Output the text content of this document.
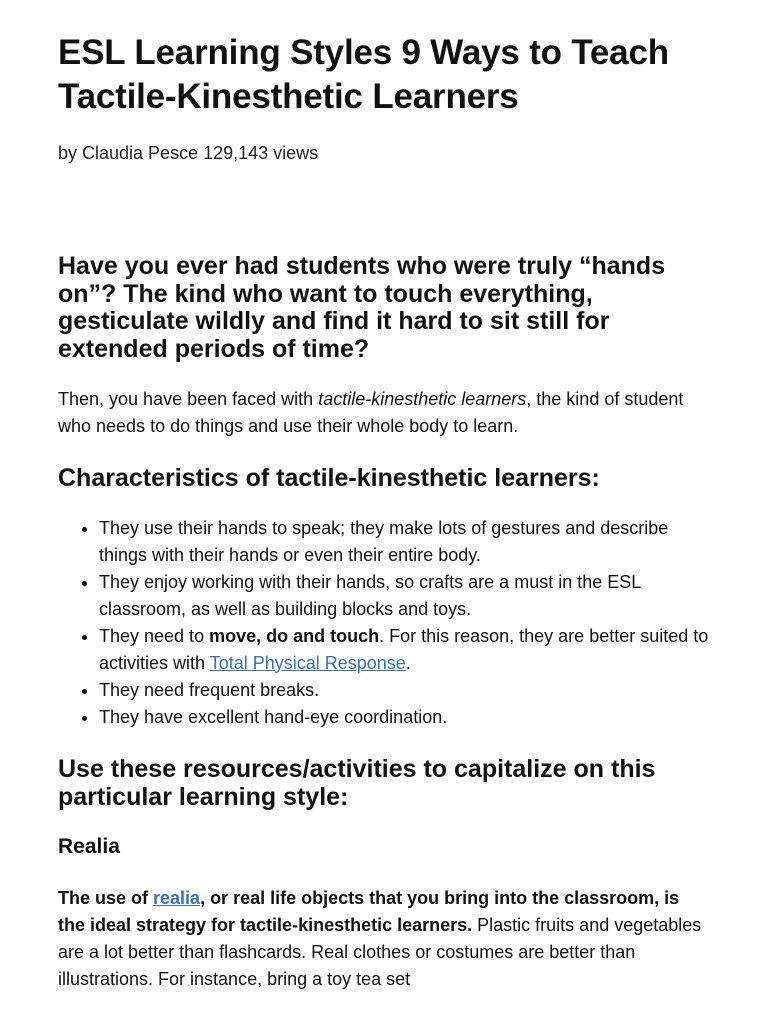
ESL Learning Styles 9 Ways to Teach Tactile-Kinesthetic Learners

by Claudia Pesce 129,143 views

Have you ever had students who were truly “hands on”? The kind who want to touch everything, gesticulate wildly and find it hard to sit still for extended periods of time?

Then, you have been faced with tactile-kinesthetic learners, the kind of student who needs to do things and use their whole body to learn.

Characteristics of tactile-kinesthetic learners:
• They use their hands to speak; they make lots of gestures and describe things with their hands or even their entire body.
• They enjoy working with their hands, so crafts are a must in the ESL classroom, as well as building blocks and toys.
• They need to move, do and touch. For this reason, they are better suited to activities with Total Physical Response.
• They need frequent breaks.
• They have excellent hand-eye coordination.
Use these resources/activities to capitalize on this particular learning style:
Realia

The use of realia, or real life objects that you bring into the classroom, is the ideal strategy for tactile-kinesthetic learners. Plastic fruits and vegetables are a lot better than flashcards. Real clothes or costumes are better than illustrations. For instance, bring a toy tea set
